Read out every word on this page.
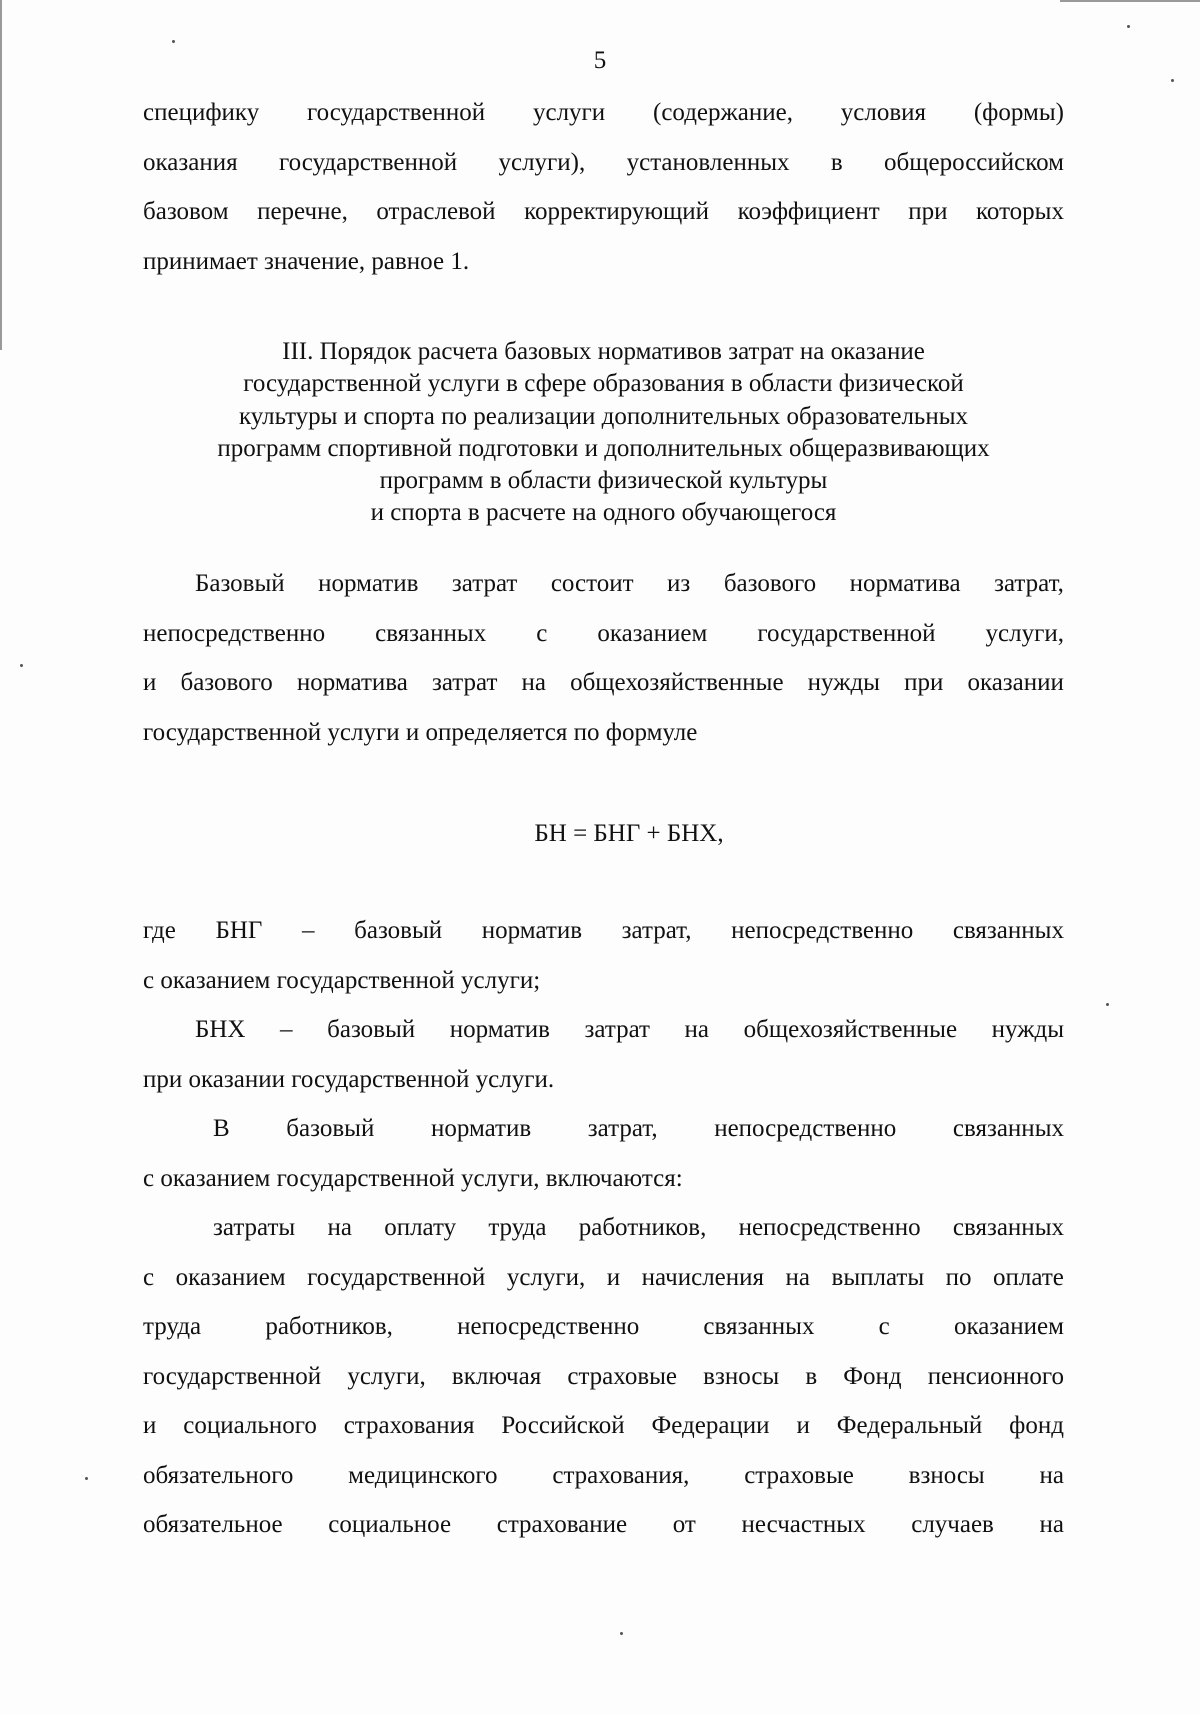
5
специфику государственной услуги (содержание, условия (формы)
оказания государственной услуги), установленных в общероссийском
базовом перечне, отраслевой корректирующий коэффициент при которых
принимает значение, равное 1.
III. Порядок расчета базовых нормативов затрат на оказание
государственной услуги в сфере образования в области физической
культуры и спорта по реализации дополнительных образовательных
программ спортивной подготовки и дополнительных общеразвивающих
программ в области физической культуры
и спорта в расчете на одного обучающегося
Базовый норматив затрат состоит из базового норматива затрат,
непосредственно связанных с оказанием государственной услуги,
и базового норматива затрат на общехозяйственные нужды при оказании
государственной услуги и определяется по формуле
БН = БНГ + БНХ,
где БНГ – базовый норматив затрат, непосредственно связанных
с оказанием государственной услуги;
БНХ – базовый норматив затрат на общехозяйственные нужды
при оказании государственной услуги.
В базовый норматив затрат, непосредственно связанных
с оказанием государственной услуги, включаются:
затраты на оплату труда работников, непосредственно связанных
с оказанием государственной услуги, и начисления на выплаты по оплате
труда	работников,	непосредственно	связанных	с	оказанием
государственной услуги, включая страховые взносы в Фонд пенсионного
и социального страхования Российской Федерации и Федеральный фонд
обязательного медицинского страхования, страховые взносы на
обязательное социальное страхование от несчастных случаев на
